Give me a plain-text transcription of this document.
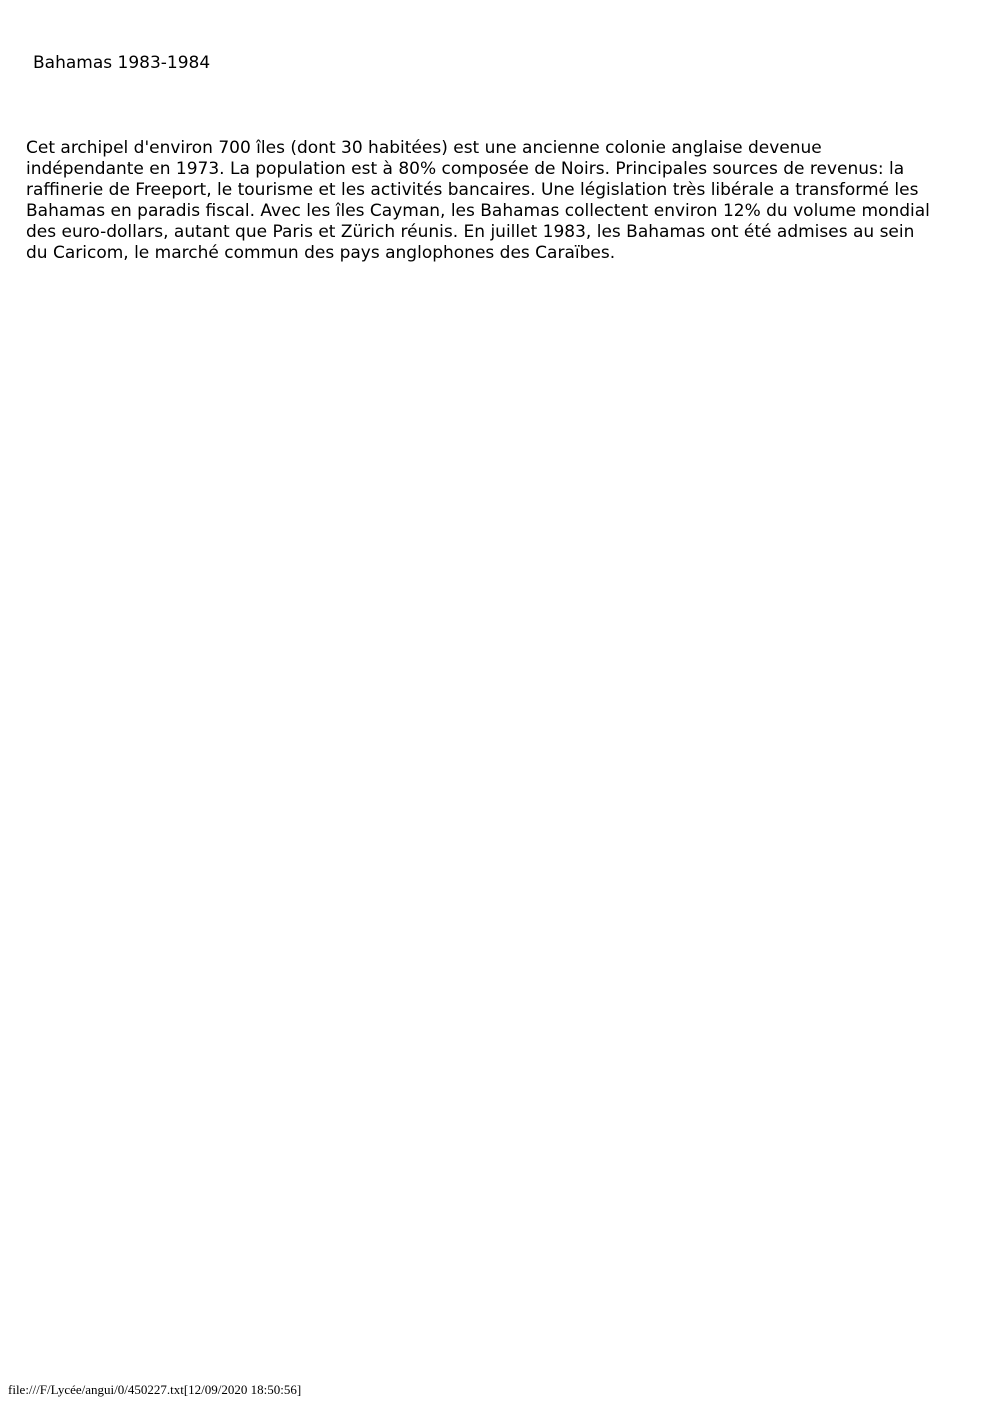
Bahamas 1983-1984
Cet archipel d'environ 700 îles (dont 30 habitées) est une ancienne colonie anglaise devenue
indépendante en 1973. La population est à 80% composée de Noirs. Principales sources de revenus: la
raffinerie de Freeport, le tourisme et les activités bancaires. Une législation très libérale a transformé les
Bahamas en paradis fiscal. Avec les îles Cayman, les Bahamas collectent environ 12% du volume mondial
des euro-dollars, autant que Paris et Zürich réunis. En juillet 1983, les Bahamas ont été admises au sein
du Caricom, le marché commun des pays anglophones des Caraïbes.
file:///F/Lycée/angui/0/450227.txt[12/09/2020 18:50:56]
